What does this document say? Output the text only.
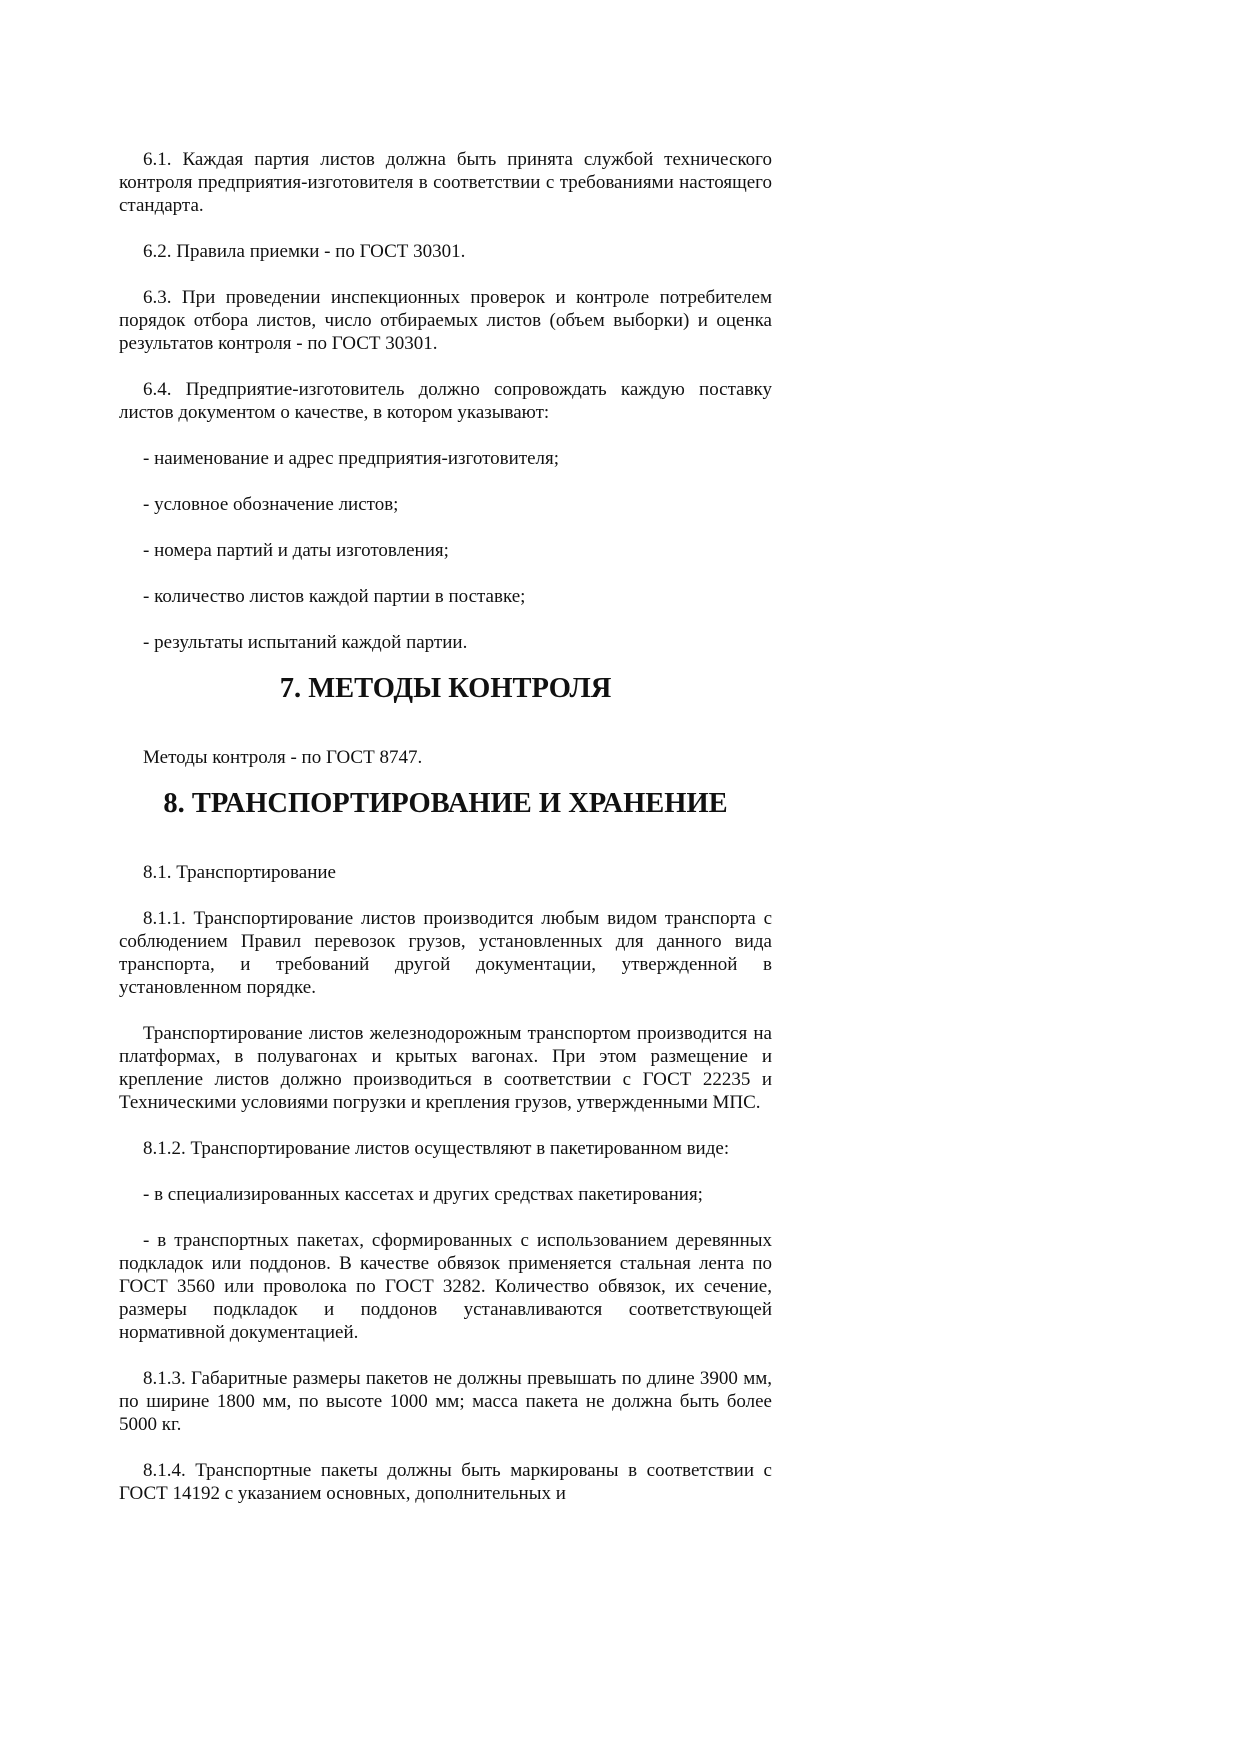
6.1. Каждая партия листов должна быть принята службой технического контроля предприятия-изготовителя в соответствии с требованиями настоящего стандарта.

6.2. Правила приемки - по ГОСТ 30301.

6.3. При проведении инспекционных проверок и контроле потребителем порядок отбора листов, число отбираемых листов (объем выборки) и оценка результатов контроля - по ГОСТ 30301.

6.4. Предприятие-изготовитель должно сопровождать каждую поставку листов документом о качестве, в котором указывают:

- наименование и адрес предприятия-изготовителя;

- условное обозначение листов;

- номера партий и даты изготовления;

- количество листов каждой партии в поставке;

- результаты испытаний каждой партии.

7. МЕТОДЫ КОНТРОЛЯ

Методы контроля - по ГОСТ 8747.

8. ТРАНСПОРТИРОВАНИЕ И ХРАНЕНИЕ

8.1. Транспортирование

8.1.1. Транспортирование листов производится любым видом транспорта с соблюдением Правил перевозок грузов, установленных для данного вида транспорта, и требований другой документации, утвержденной в установленном порядке.

Транспортирование листов железнодорожным транспортом производится на платформах, в полувагонах и крытых вагонах. При этом размещение и крепление листов должно производиться в соответствии с ГОСТ 22235 и Техническими условиями погрузки и крепления грузов, утвержденными МПС.

8.1.2. Транспортирование листов осуществляют в пакетированном виде:

- в специализированных кассетах и других средствах пакетирования;

- в транспортных пакетах, сформированных с использованием деревянных подкладок или поддонов. В качестве обвязок применяется стальная лента по ГОСТ 3560 или проволока по ГОСТ 3282. Количество обвязок, их сечение, размеры подкладок и поддонов устанавливаются соответствующей нормативной документацией.

8.1.3. Габаритные размеры пакетов не должны превышать по длине 3900 мм, по ширине 1800 мм, по высоте 1000 мм; масса пакета не должна быть более 5000 кг.

8.1.4. Транспортные пакеты должны быть маркированы в соответствии с ГОСТ 14192 с указанием основных, дополнительных и
